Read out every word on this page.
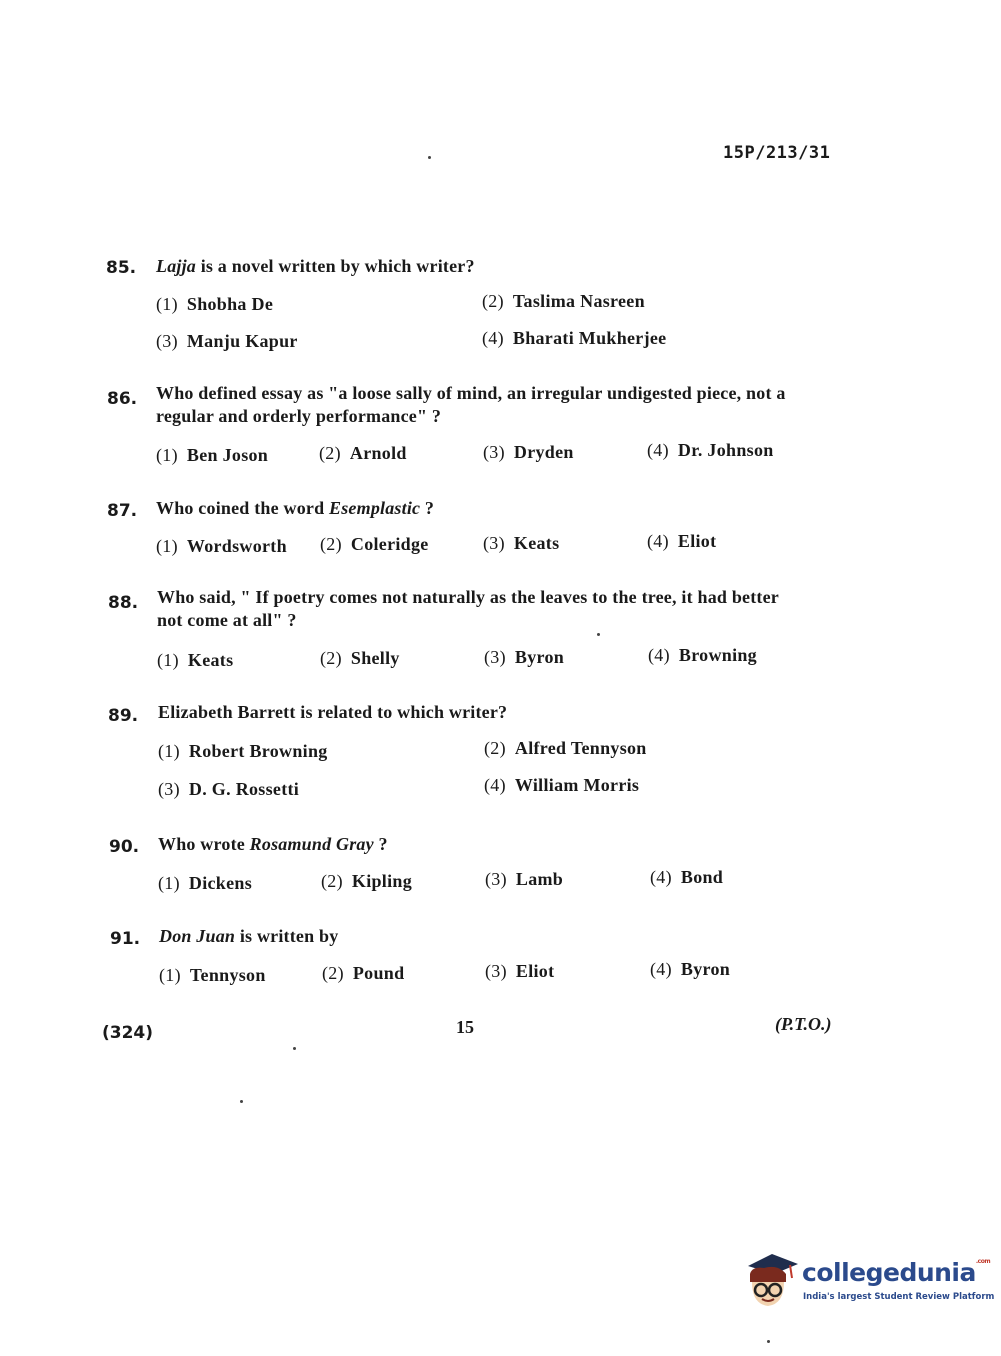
15P/213/31
85. Lajja is a novel written by which writer?
(1) Shobha De	(2) Taslima Nasreen
(3) Manju Kapur	(4) Bharati Mukherjee
86. Who defined essay as "a loose sally of mind, an irregular undigested piece, not a
regular and orderly performance" ?
(1) Ben Joson	(2) Arnold	(3) Dryden	(4) Dr. Johnson
87. Who coined the word Esemplastic ?
(1) Wordsworth (2) Coleridge	(3) Keats	(4) Eliot
88. Who said, " If poetry comes not naturally as the leaves to the tree, it had better
not come at all" ?
(1) Keats	(2) Shelly	(3) Byron	(4) Browning
89. Elizabeth Barrett is related to which writer?
(1) Robert Browning	(2) Alfred Tennyson
(3) D. G. Rossetti	(4) William Morris
90. Who wrote Rosamund Gray ?
(1) Dickens	(2) Kipling	(3) Lamb	(4) Bond
91. Don Juan is written by
(1) Tennyson	(2) Pound	(3) Eliot	(4) Byron
(324)	15	(P.T.O.)
collegedunia$^{.com}$
India's largest Student Review Platform
